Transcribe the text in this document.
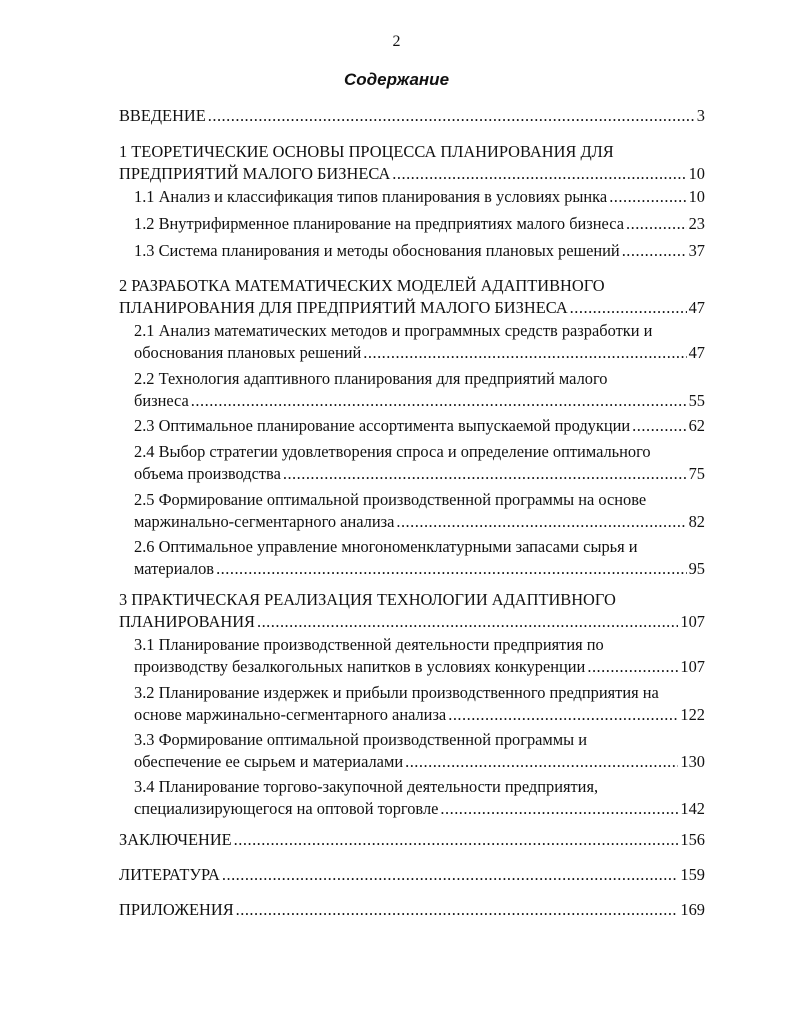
2
Содержание
ВВЕДЕНИЕ .....	3
1 ТЕОРЕТИЧЕСКИЕ ОСНОВЫ ПРОЦЕССА ПЛАНИРОВАНИЯ ДЛЯ
ПРЕДПРИЯТИЙ МАЛОГО БИЗНЕСА .....	10
1.1 Анализ и классификация типов планирования в условиях рынка .....	10
1.2 Внутрифирменное планирование на предприятиях малого бизнеса .....	23
1.3 Система планирования и методы обоснования плановых решений .....	37
2 РАЗРАБОТКА МАТЕМАТИЧЕСКИХ МОДЕЛЕЙ АДАПТИВНОГО
ПЛАНИРОВАНИЯ ДЛЯ ПРЕДПРИЯТИЙ МАЛОГО БИЗНЕСА .....	47
2.1 Анализ математических методов и программных средств разработки и
обоснования плановых решений .....	47
2.2 Технология адаптивного планирования для предприятий малого
бизнеса .....	55
2.3 Оптимальное планирование ассортимента выпускаемой продукции .....	62
2.4 Выбор стратегии удовлетворения спроса и определение оптимального
объема производства .....	75
2.5 Формирование оптимальной производственной программы на основе
маржинально-сегментарного анализа .....	82
2.6 Оптимальное управление многономенклатурными запасами сырья и
материалов .....	95
3 ПРАКТИЧЕСКАЯ РЕАЛИЗАЦИЯ ТЕХНОЛОГИИ АДАПТИВНОГО
ПЛАНИРОВАНИЯ .....	107
3.1 Планирование производственной деятельности предприятия по
производству безалкогольных напитков в условиях конкуренции .....	107
3.2 Планирование издержек и прибыли производственного предприятия на
основе маржинально-сегментарного анализа .....	122
3.3 Формирование оптимальной производственной программы и
обеспечение ее сырьем и материалами .....	130
3.4 Планирование торгово-закупочной деятельности предприятия,
специализирующегося на оптовой торговле .....	142
ЗАКЛЮЧЕНИЕ .....	156
ЛИТЕРАТУРА .....	159
ПРИЛОЖЕНИЯ .....	169
